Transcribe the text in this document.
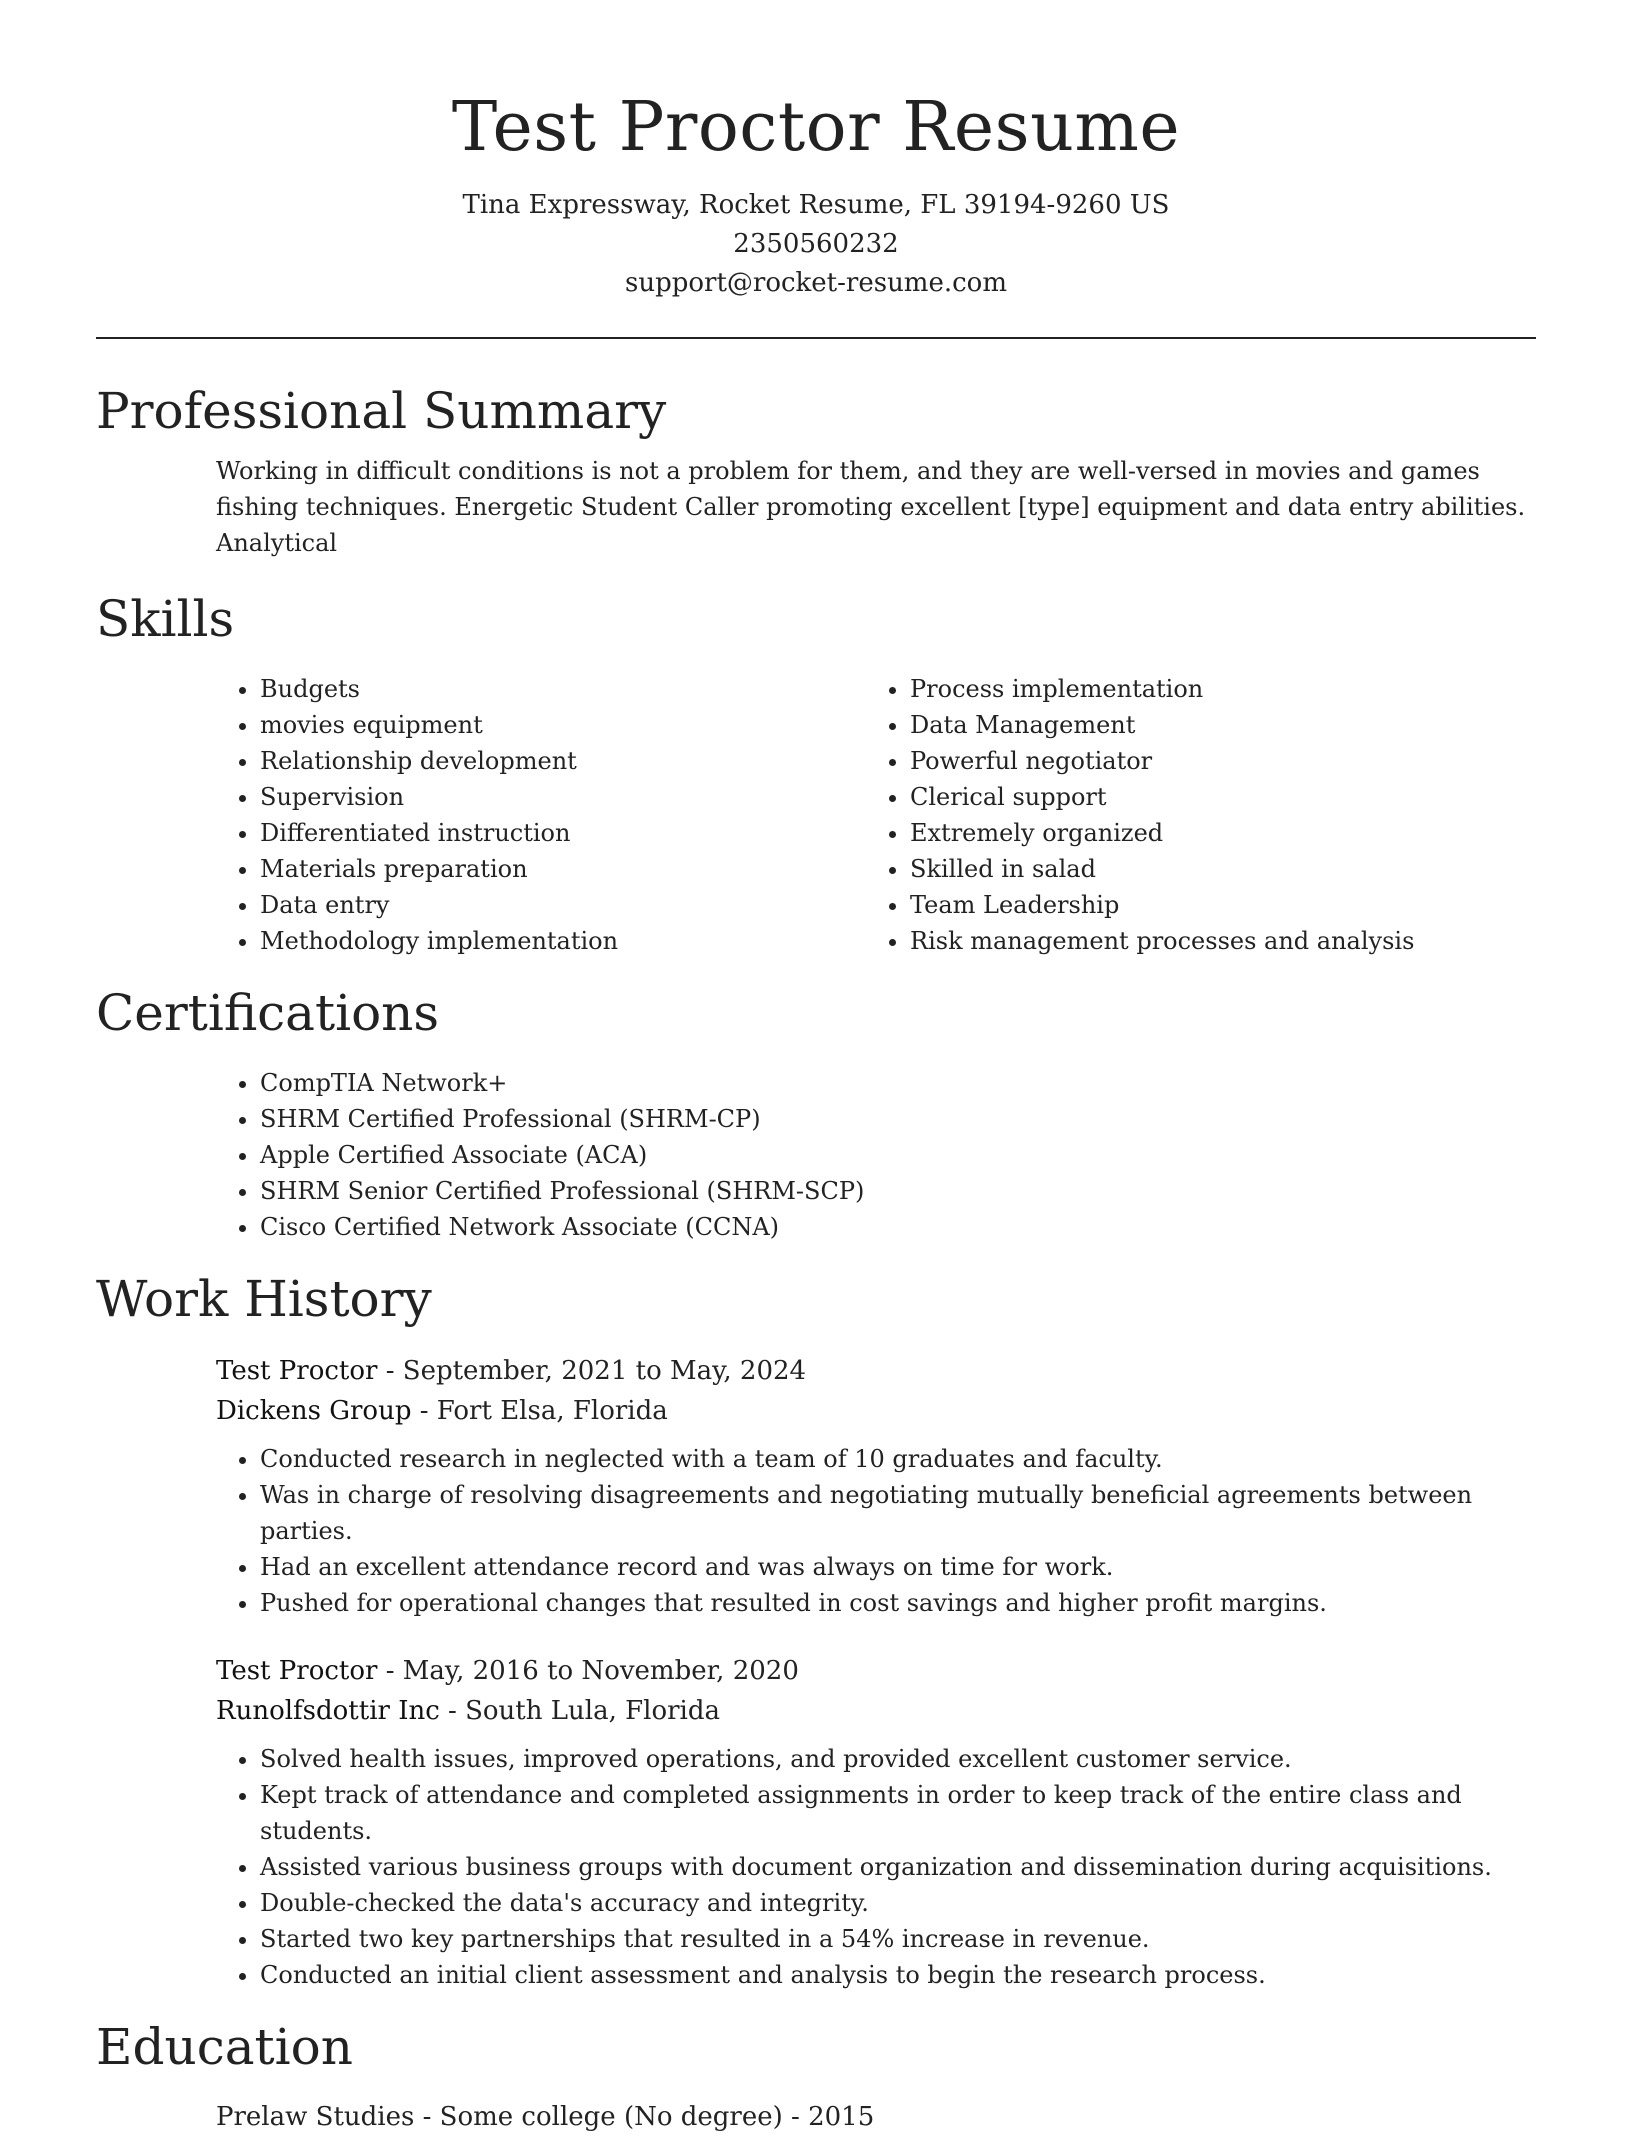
Test Proctor Resume
Tina Expressway, Rocket Resume, FL 39194-9260 US
2350560232
support@rocket-resume.com
Professional Summary
Working in difficult conditions is not a problem for them, and they are well-versed in movies and games fishing techniques. Energetic Student Caller promoting excellent [type] equipment and data entry abilities. Analytical
Skills
• Budgets
• movies equipment
• Relationship development
• Supervision
• Differentiated instruction
• Materials preparation
• Data entry
• Methodology implementation
• Process implementation
• Data Management
• Powerful negotiator
• Clerical support
• Extremely organized
• Skilled in salad
• Team Leadership
• Risk management processes and analysis
Certifications
• CompTIA Network+
• SHRM Certified Professional (SHRM-CP)
• Apple Certified Associate (ACA)
• SHRM Senior Certified Professional (SHRM-SCP)
• Cisco Certified Network Associate (CCNA)
Work History
Test Proctor - September, 2021 to May, 2024
Dickens Group - Fort Elsa, Florida
• Conducted research in neglected with a team of 10 graduates and faculty.
• Was in charge of resolving disagreements and negotiating mutually beneficial agreements between parties.
• Had an excellent attendance record and was always on time for work.
• Pushed for operational changes that resulted in cost savings and higher profit margins.
Test Proctor - May, 2016 to November, 2020
Runolfsdottir Inc - South Lula, Florida
• Solved health issues, improved operations, and provided excellent customer service.
• Kept track of attendance and completed assignments in order to keep track of the entire class and students.
• Assisted various business groups with document organization and dissemination during acquisitions.
• Double-checked the data's accuracy and integrity.
• Started two key partnerships that resulted in a 54% increase in revenue.
• Conducted an initial client assessment and analysis to begin the research process.
Education
Prelaw Studies - Some college (No degree) - 2015
